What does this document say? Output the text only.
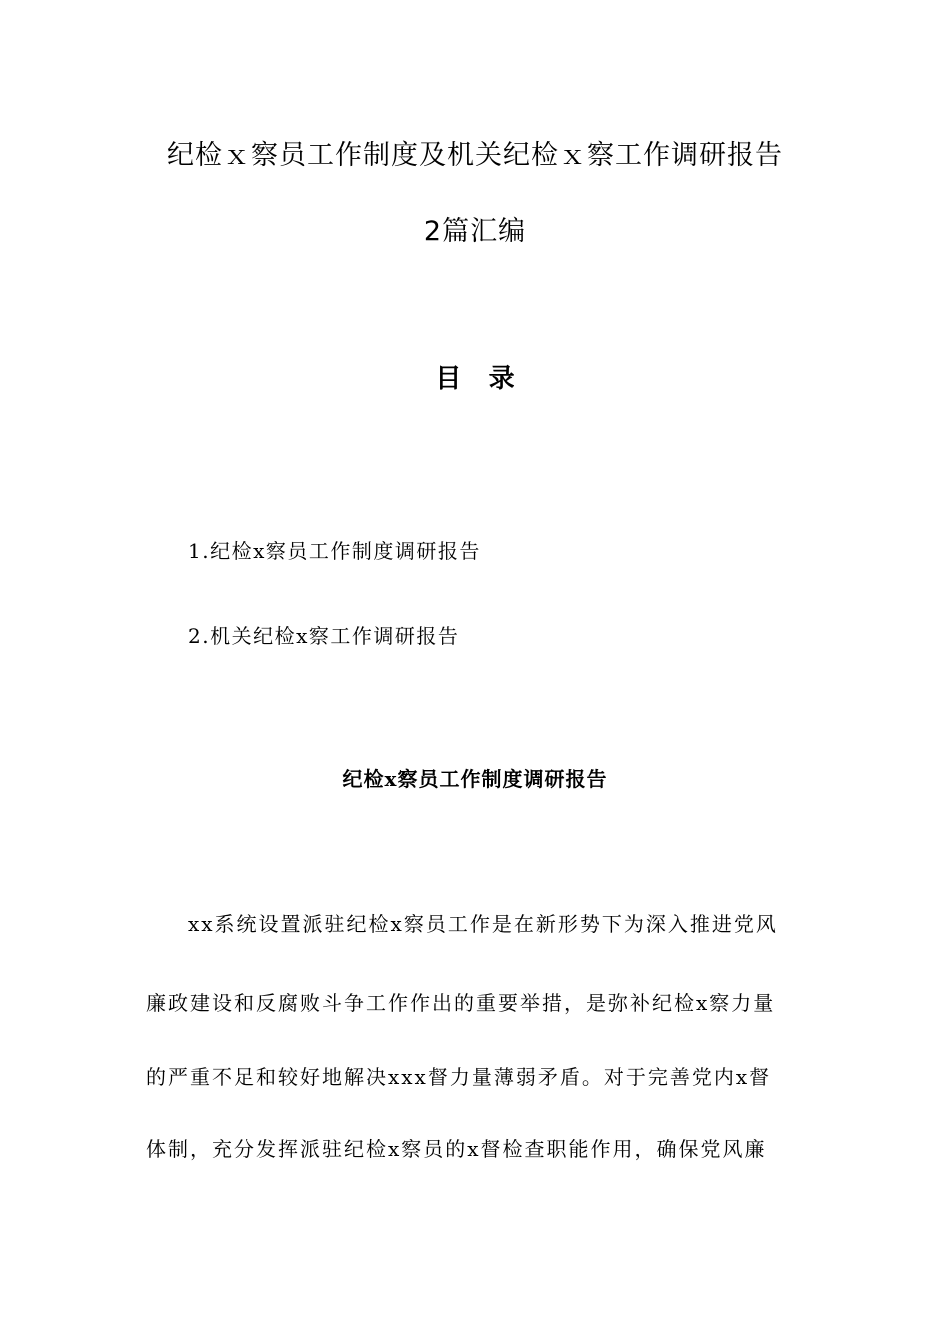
纪检ｘ察员工作制度及机关纪检ｘ察工作调研报告
2篇汇编
目   录
1.纪检x察员工作制度调研报告
2.机关纪检x察工作调研报告
纪检x察员工作制度调研报告
xx系统设置派驻纪检x察员工作是在新形势下为深入推进党风
廉政建设和反腐败斗争工作作出的重要举措，是弥补纪检x察力量
的严重不足和较好地解决xxx督力量薄弱矛盾。对于完善党内x督
体制，充分发挥派驻纪检x察员的x督检查职能作用，确保党风廉
